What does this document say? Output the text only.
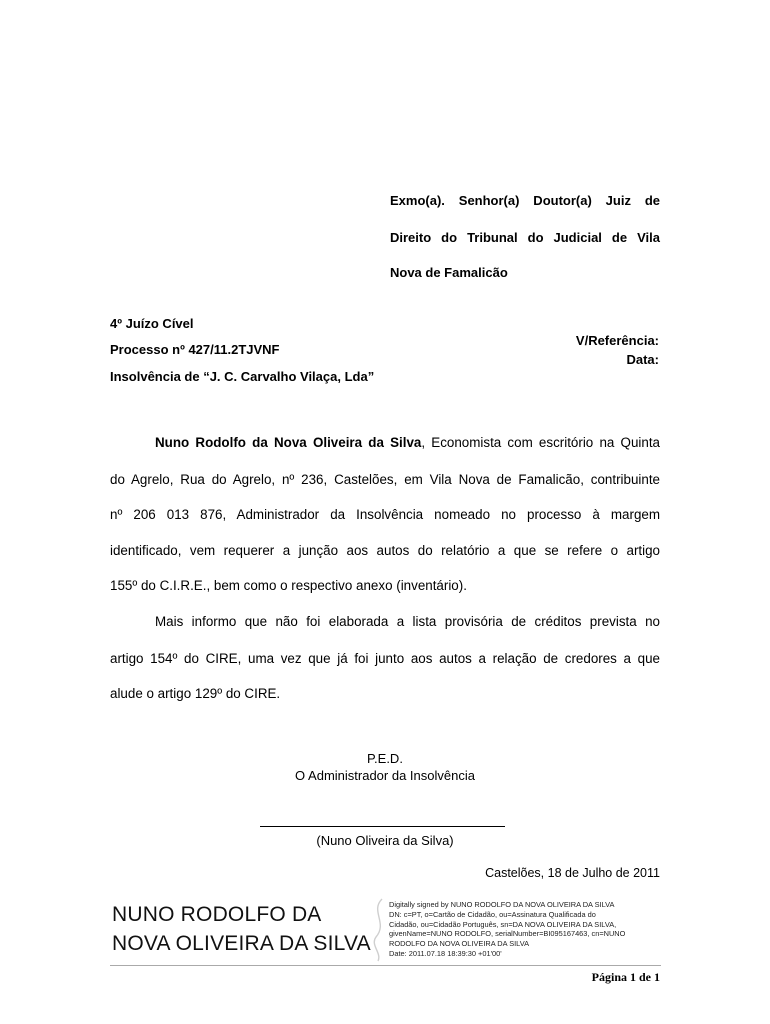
Exmo(a). Senhor(a) Doutor(a) Juiz de
Direito do Tribunal do Judicial de Vila
Nova de Famalicão
4º Juízo Cível
Processo nº 427/11.2TJVNF
Insolvência de “J. C. Carvalho Vilaça, Lda”
V/Referência:
Data:
Nuno Rodolfo da Nova Oliveira da Silva, Economista com escritório na Quinta
do Agrelo, Rua do Agrelo, nº 236, Castelões, em Vila Nova de Famalicão, contribuinte
nº 206 013 876, Administrador da Insolvência nomeado no processo à margem
identificado, vem requerer a junção aos autos do relatório a que se refere o artigo
155º do C.I.R.E., bem como o respectivo anexo (inventário).
Mais informo que não foi elaborada a lista provisória de créditos prevista no
artigo 154º do CIRE, uma vez que já foi junto aos autos a relação de credores a que
alude o artigo 129º do CIRE.
P.E.D.
O Administrador da Insolvência
(Nuno Oliveira da Silva)
Castelões, 18 de Julho de 2011
NUNO RODOLFO DA
NOVA OLIVEIRA DA SILVA
Digitally signed by NUNO RODOLFO DA NOVA OLIVEIRA DA SILVA
DN: c=PT, o=Cartão de Cidadão, ou=Assinatura Qualificada do
Cidadão, ou=Cidadão Português, sn=DA NOVA OLIVEIRA DA SILVA,
givenName=NUNO RODOLFO, serialNumber=BI095167463, cn=NUNO
RODOLFO DA NOVA OLIVEIRA DA SILVA
Date: 2011.07.18 18:39:30 +01'00'
Página 1 de 1
